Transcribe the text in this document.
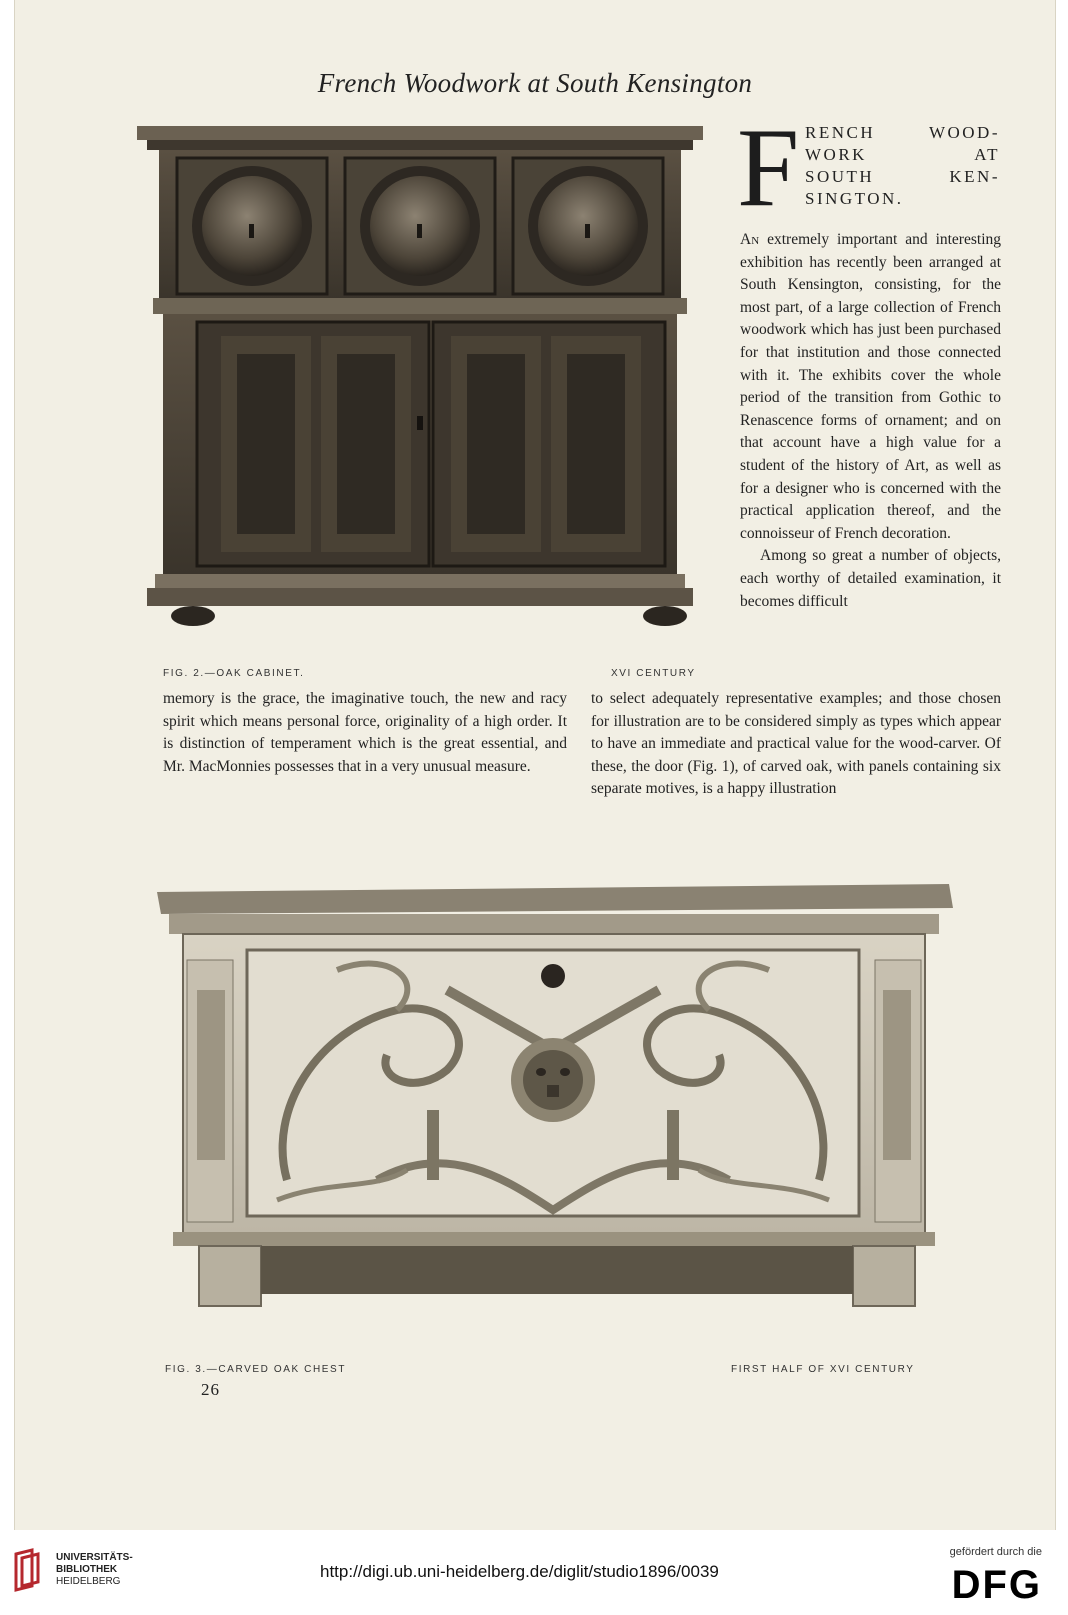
French Woodwork at South Kensington
FIG. 2.—OAK CABINET.	XVI CENTURY
F RENCH WOOD-
WORK AT
SOUTH KEN-
SINGTON.

An extremely important and interesting exhibition has recently been arranged at South Kensington, consisting, for the most part, of a large collection of French woodwork which has just been purchased for that institution and those connected with it. The exhibits cover the whole period of the transition from Gothic to Renascence forms of ornament; and on that account have a high value for a student of the history of Art, as well as for a designer who is concerned with the practical application thereof, and the connoisseur of French decoration.

Among so great a number of objects, each worthy of detailed examination, it becomes difficult

memory is the grace, the imaginative touch, the new and racy spirit which means personal force, originality of a high order. It is distinction of temperament which is the great essential, and Mr. MacMonnies possesses that in a very unusual measure.
to select adequately representative examples; and those chosen for illustration are to be considered simply as types which appear to have an immediate and practical value for the wood-carver. Of these, the door (Fig. 1), of carved oak, with panels containing six separate motives, is a happy illustration
FIG. 3.—CARVED OAK CHEST	FIRST HALF OF XVI CENTURY
26
UNIVERSITÄTS-
BIBLIOTHEK
HEIDELBERG
http://digi.ub.uni-heidelberg.de/diglit/studio1896/0039
gefördert durch die
DFG
